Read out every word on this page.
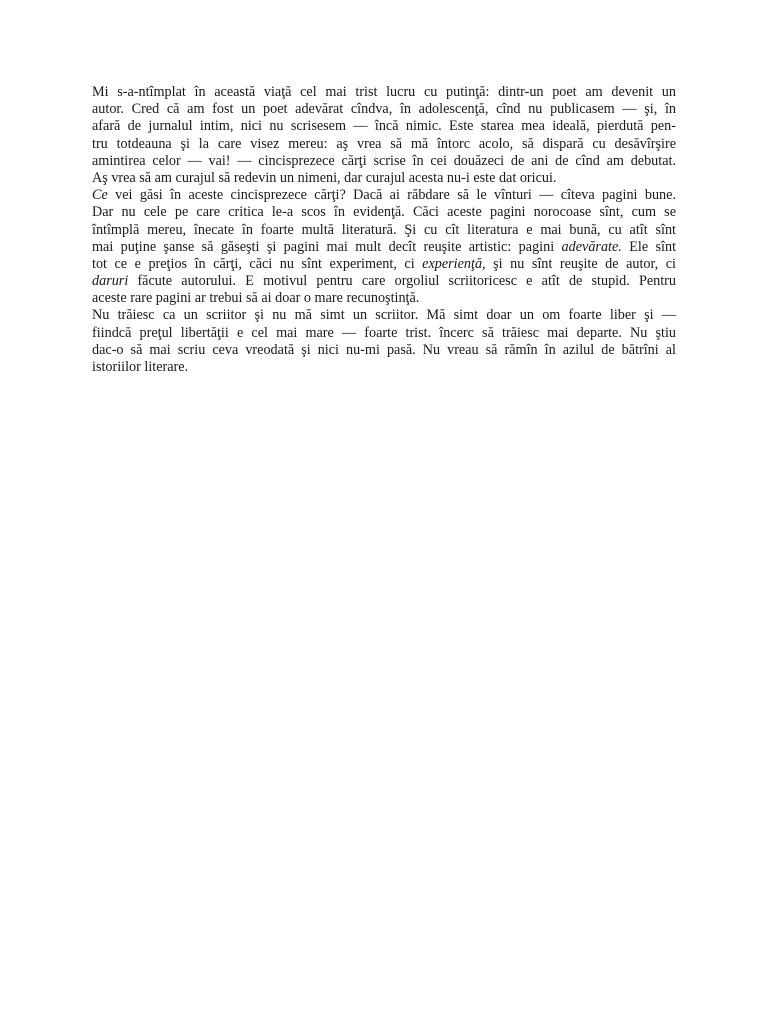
Mi s-a-ntîmplat în această viaţă cel mai trist lucru cu putinţă: dintr-un poet am devenit un
autor. Cred că am fost un poet adevărat cîndva, în adolescenţă, cînd nu publicasem — şi, în
afară de jurnalul intim, nici nu scrisesem — încă nimic. Este starea mea ideală, pierdută pen-
tru totdeauna şi la care visez mereu: aş vrea să mă întorc acolo, să dispară cu desăvîrşire
amintirea celor — vai! — cincisprezece cărţi scrise în cei douăzeci de ani de cînd am debutat.
Aş vrea să am curajul să redevin un nimeni, dar curajul acesta nu-i este dat oricui.
Ce vei găsi în aceste cincisprezece cărţi? Dacă ai răbdare să le vînturi — cîteva pagini bune.
Dar nu cele pe care critica le-a scos în evidenţă. Căci aceste pagini norocoase sînt, cum se
întîmplă mereu, înecate în foarte multă literatură. Şi cu cît literatura e mai bună, cu atît sînt
mai puţine şanse să găseşti şi pagini mai mult decît reuşite artistic: pagini adevărate. Ele sînt
tot ce e preţios în cărţi, căci nu sînt experiment, ci experienţă, şi nu sînt reuşite de autor, ci
daruri făcute autorului. E motivul pentru care orgoliul scriitoricesc e atît de stupid. Pentru
aceste rare pagini ar trebui să ai doar o mare recunoştinţă.
Nu trăiesc ca un scriitor şi nu mă simt un scriitor. Mă simt doar un om foarte liber şi —
fiindcă preţul libertăţii e cel mai mare — foarte trist. încerc să trăiesc mai departe. Nu ştiu
dac-o să mai scriu ceva vreodată şi nici nu-mi pasă. Nu vreau să rămîn în azilul de bătrîni al
istoriilor literare.
